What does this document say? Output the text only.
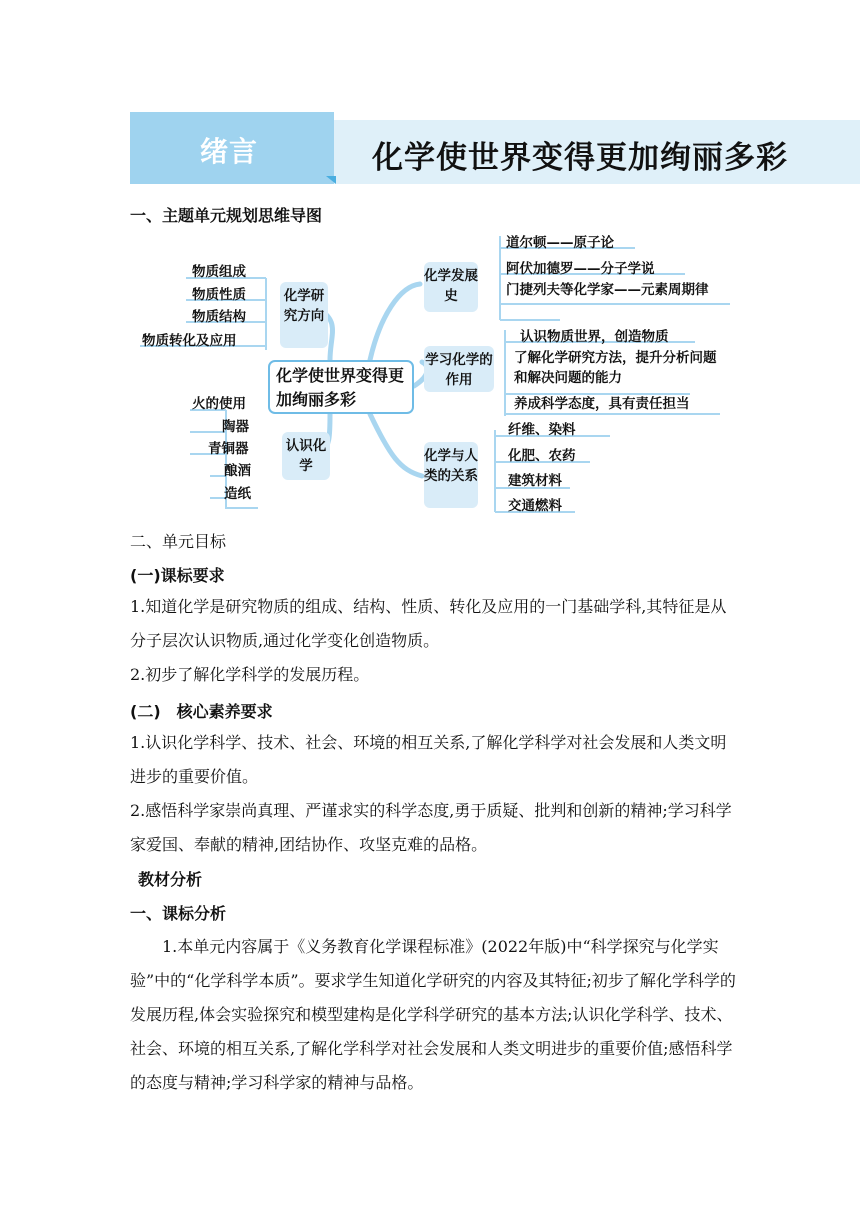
绪言	化学使世界变得更加绚丽多彩
一、主题单元规划思维导图
化学使世界变得更加绚丽多彩
化学研究方向
物质组成
物质性质
物质结构
物质转化及应用
认识化学
火的使用
陶器
青铜器
酿酒
造纸
化学发展史
道尔顿——原子论
阿伏加德罗——分子学说
门捷列夫等化学家——元素周期律
学习化学的作用
认识物质世界，创造物质
了解化学研究方法，提升分析问题和解决问题的能力
养成科学态度，具有责任担当
化学与人类的关系
纤维、染料
化肥、农药
建筑材料
交通燃料
二、单元目标
(一)课标要求
1.知道化学是研究物质的组成、结构、性质、转化及应用的一门基础学科,其特征是从分子层次认识物质,通过化学变化创造物质。
2.初步了解化学科学的发展历程。
(二)　核心素养要求
1.认识化学科学、技术、社会、环境的相互关系,了解化学科学对社会发展和人类文明进步的重要价值。
2.感悟科学家崇尚真理、严谨求实的科学态度,勇于质疑、批判和创新的精神;学习科学家爱国、奉献的精神,团结协作、攻坚克难的品格。
教材分析
一、课标分析
1.本单元内容属于《义务教育化学课程标准》(2022年版)中“科学探究与化学实验”中的“化学科学本质”。要求学生知道化学研究的内容及其特征;初步了解化学科学的发展历程,体会实验探究和模型建构是化学科学研究的基本方法;认识化学科学、技术、社会、环境的相互关系,了解化学科学对社会发展和人类文明进步的重要价值;感悟科学的态度与精神;学习科学家的精神与品格。
